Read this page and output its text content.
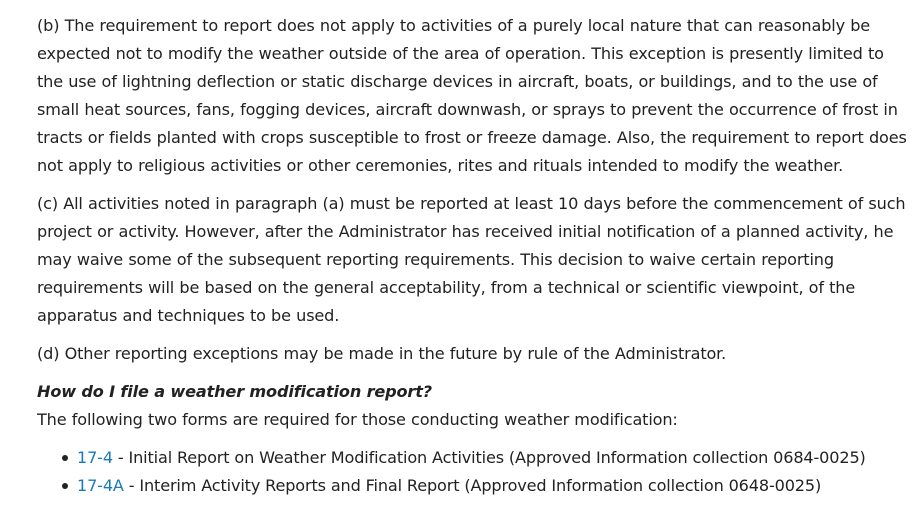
(b) The requirement to report does not apply to activities of a purely local nature that can reasonably be expected not to modify the weather outside of the area of operation. This exception is presently limited to the use of lightning deflection or static discharge devices in aircraft, boats, or buildings, and to the use of small heat sources, fans, fogging devices, aircraft downwash, or sprays to prevent the occurrence of frost in tracts or fields planted with crops susceptible to frost or freeze damage. Also, the requirement to report does not apply to religious activities or other ceremonies, rites and rituals intended to modify the weather.

(c) All activities noted in paragraph (a) must be reported at least 10 days before the commencement of such project or activity. However, after the Administrator has received initial notification of a planned activity, he may waive some of the subsequent reporting requirements. This decision to waive certain reporting requirements will be based on the general acceptability, from a technical or scientific viewpoint, of the apparatus and techniques to be used.

(d) Other reporting exceptions may be made in the future by rule of the Administrator.

How do I file a weather modification report?

The following two forms are required for those conducting weather modification:

17-4 - Initial Report on Weather Modification Activities (Approved Information collection 0684-0025)
17-4A - Interim Activity Reports and Final Report (Approved Information collection 0648-0025)
